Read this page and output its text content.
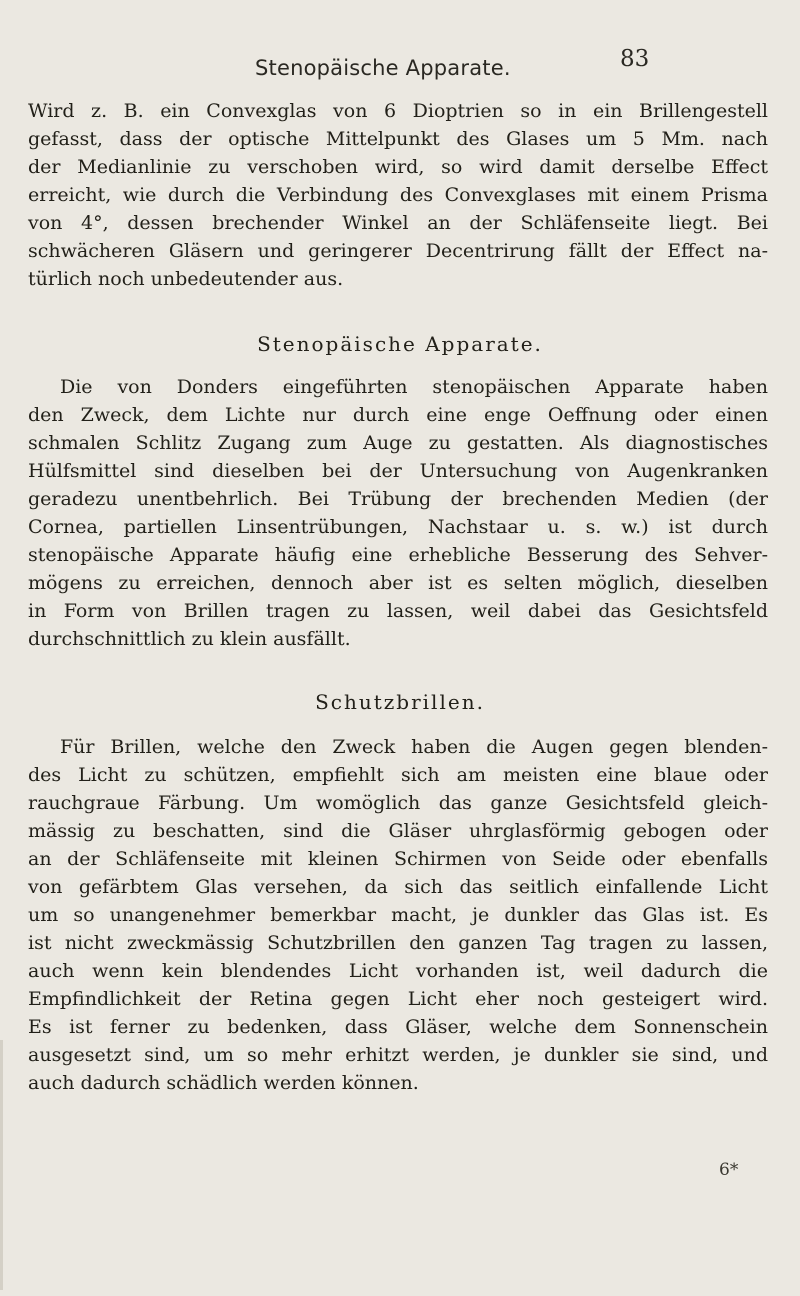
Stenopäische Apparate.	83
Wird z. B. ein Convexglas von 6 Dioptrien so in ein Brillengestell
gefasst, dass der optische Mittelpunkt des Glases um 5 Mm. nach
der Medianlinie zu verschoben wird, so wird damit derselbe Effect
erreicht, wie durch die Verbindung des Convexglases mit einem Prisma
von 4°, dessen brechender Winkel an der Schläfenseite liegt. Bei
schwächeren Gläsern und geringerer Decentrirung fällt der Effect na-
türlich noch unbedeutender aus.
Stenopäische Apparate.
Die von Donders eingeführten stenopäischen Apparate haben
den Zweck, dem Lichte nur durch eine enge Oeffnung oder einen
schmalen Schlitz Zugang zum Auge zu gestatten. Als diagnostisches
Hülfsmittel sind dieselben bei der Untersuchung von Augenkranken
geradezu unentbehrlich. Bei Trübung der brechenden Medien (der
Cornea, partiellen Linsentrübungen, Nachstaar u. s. w.) ist durch
stenopäische Apparate häufig eine erhebliche Besserung des Sehver-
mögens zu erreichen, dennoch aber ist es selten möglich, dieselben
in Form von Brillen tragen zu lassen, weil dabei das Gesichtsfeld
durchschnittlich zu klein ausfällt.
Schutzbrillen.
Für Brillen, welche den Zweck haben die Augen gegen blenden-
des Licht zu schützen, empfiehlt sich am meisten eine blaue oder
rauchgraue Färbung. Um womöglich das ganze Gesichtsfeld gleich-
mässig zu beschatten, sind die Gläser uhrglasförmig gebogen oder
an der Schläfenseite mit kleinen Schirmen von Seide oder ebenfalls
von gefärbtem Glas versehen, da sich das seitlich einfallende Licht
um so unangenehmer bemerkbar macht, je dunkler das Glas ist. Es
ist nicht zweckmässig Schutzbrillen den ganzen Tag tragen zu lassen,
auch wenn kein blendendes Licht vorhanden ist, weil dadurch die
Empfindlichkeit der Retina gegen Licht eher noch gesteigert wird.
Es ist ferner zu bedenken, dass Gläser, welche dem Sonnenschein
ausgesetzt sind, um so mehr erhitzt werden, je dunkler sie sind, und
auch dadurch schädlich werden können.
6*
